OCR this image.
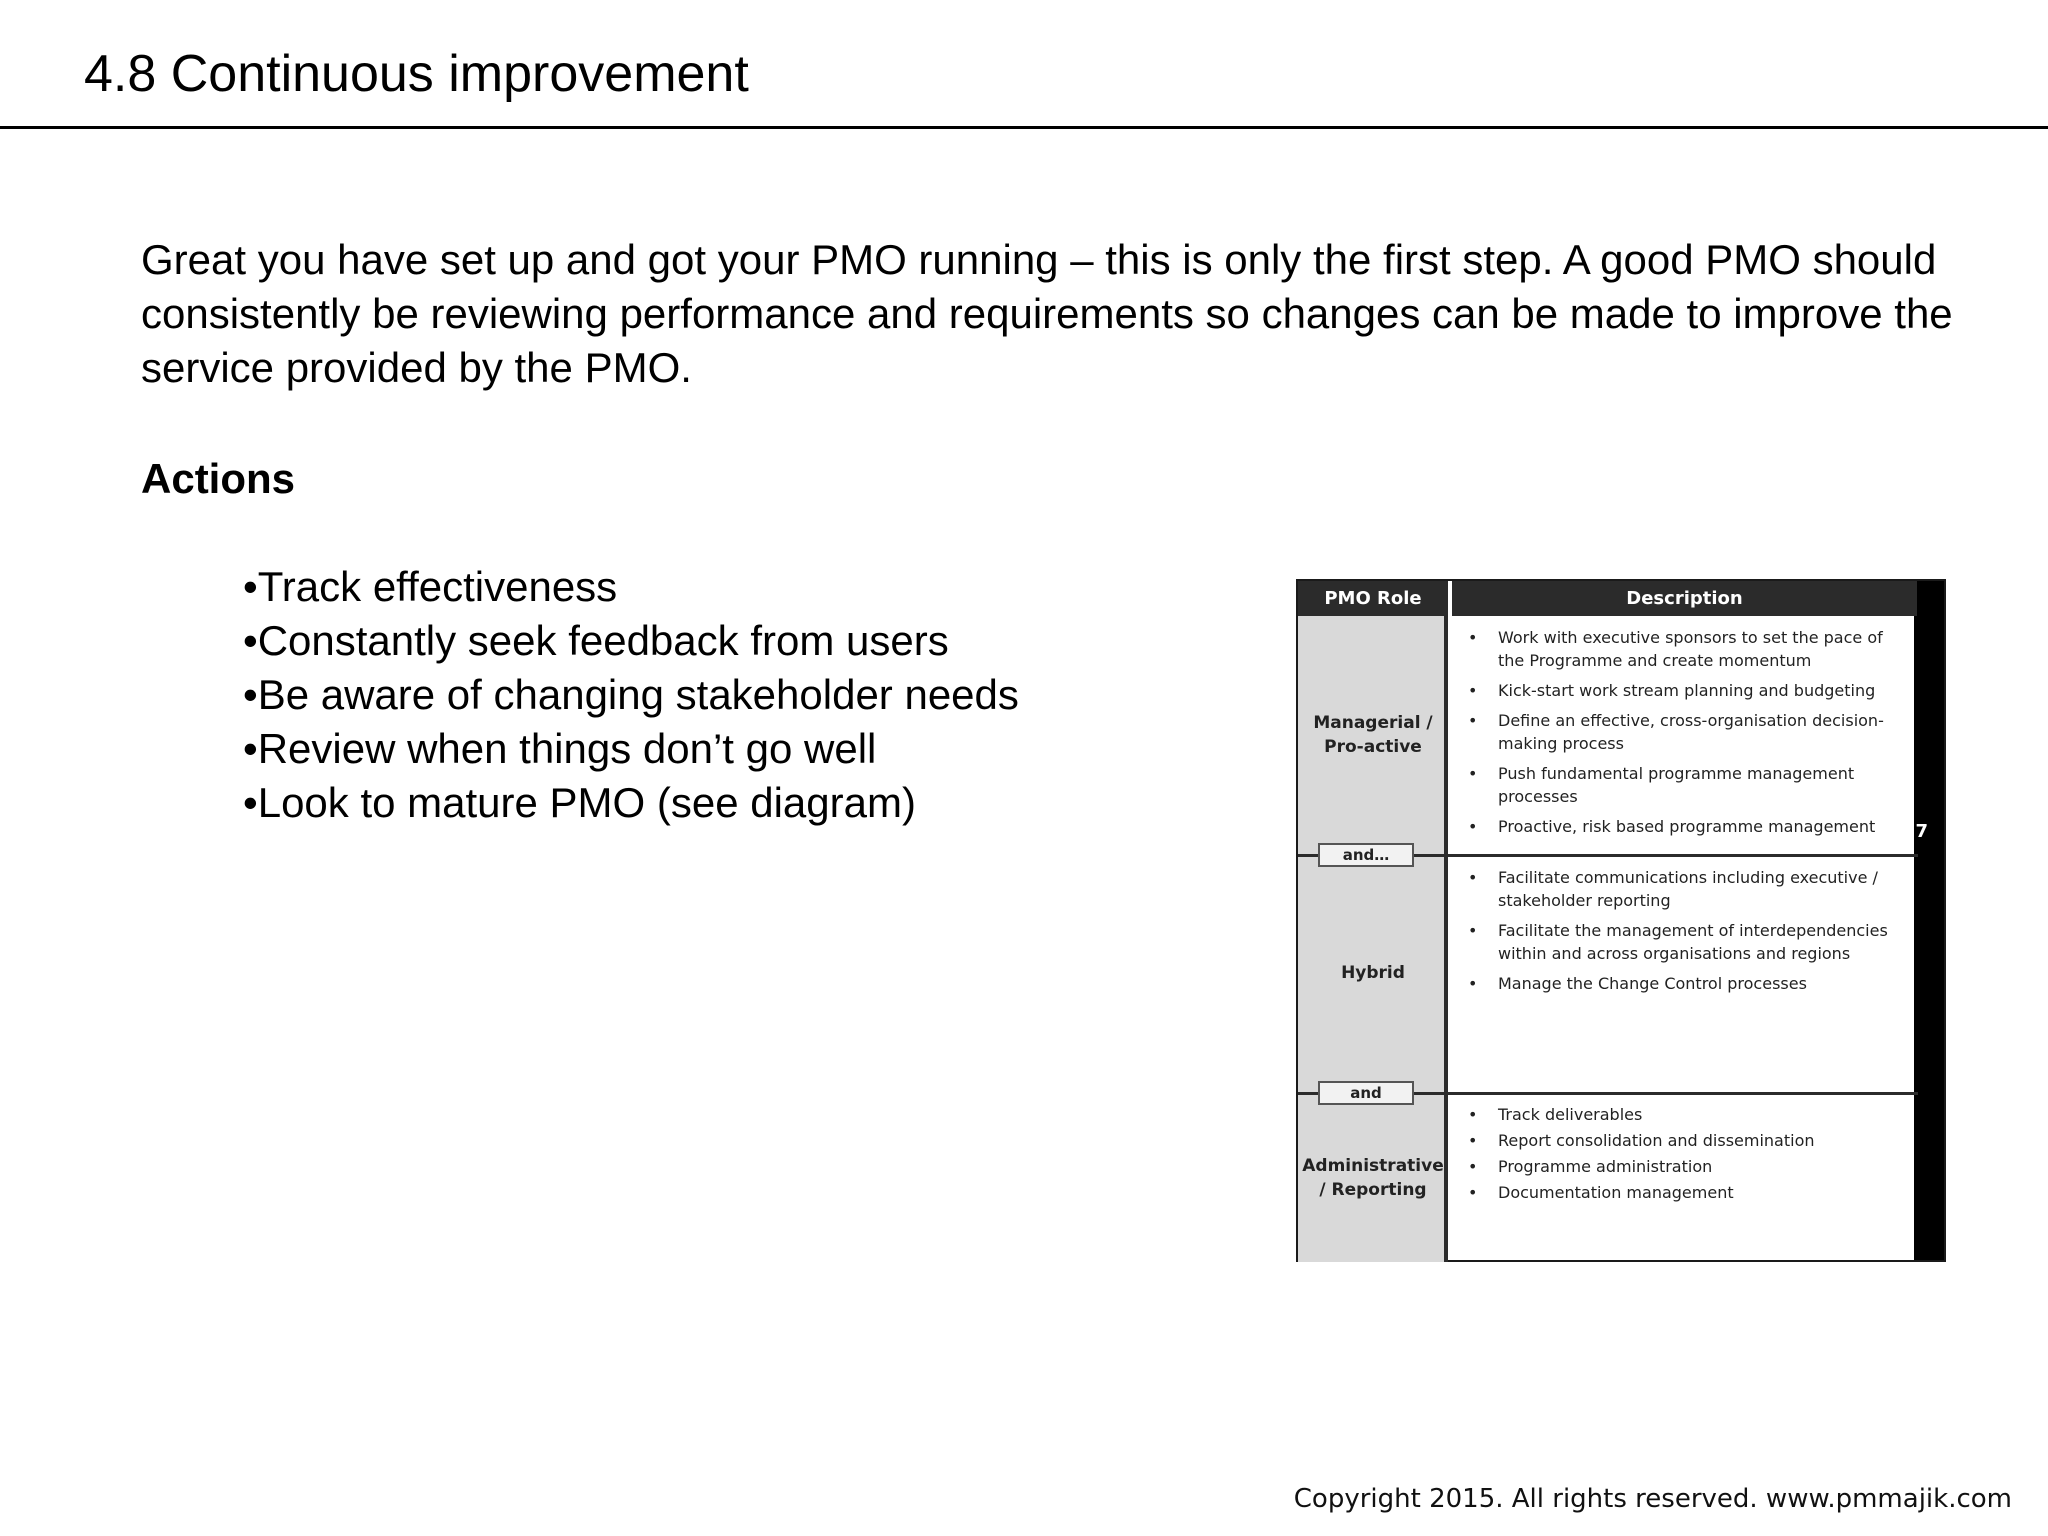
4.8 Continuous improvement

Great you have set up and got your PMO running – this is only the first step. A good PMO should consistently be reviewing performance and requirements so changes can be made to improve the service provided by the PMO.

Actions

•Track effectiveness
•Constantly seek feedback from users
•Be aware of changing stakeholder needs
•Review when things don’t go well
•Look to mature PMO (see diagram)
7
PMO Role	Description
Managerial / Pro-active
Hybrid
Administrative / Reporting
and…
and
• Work with executive sponsors to set the pace of the Programme and create momentum
• Kick-start work stream planning and budgeting
• Define an effective, cross-organisation decision-making process
• Push fundamental programme management processes
• Proactive, risk based programme management
• Facilitate communications including executive / stakeholder reporting
• Facilitate the management of interdependencies within and across organisations and regions
• Manage the Change Control processes
• Track deliverables
• Report consolidation and dissemination
• Programme administration
• Documentation management
Copyright 2015. All rights reserved. www.pmmajik.com
